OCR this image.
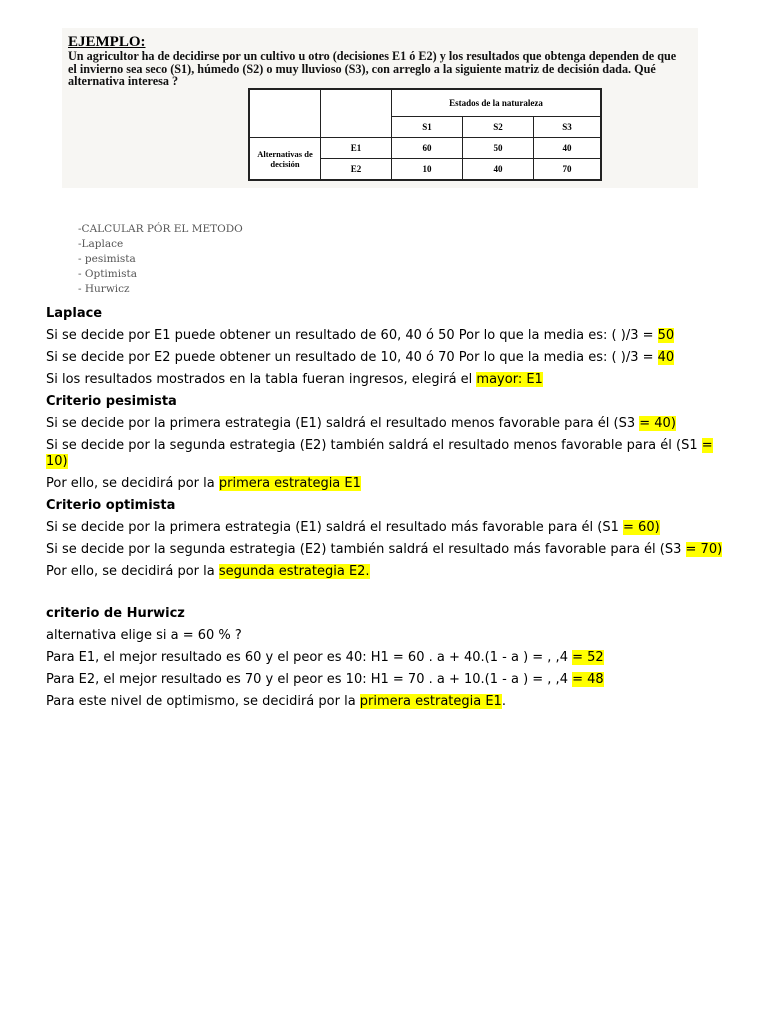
EJEMPLO:
Un agricultor ha de decidirse por un cultivo u otro (decisiones E1 ó E2) y los resultados que obtenga dependen de que el invierno sea seco (S1), húmedo (S2) o muy lluvioso (S3), con arreglo a la siguiente matriz de decisión dada. Qué alternativa interesa ?
		Estados de la naturaleza		
		S1	S2	S3
Alternativas de decisión	E1	60	50	40
	E2	10	40	70
-CALCULAR PÓR EL METODO
-Laplace
- pesimista
- Optimista
- Hurwicz

Laplace

Si se decide por E1 puede obtener un resultado de 60, 40 ó 50 Por lo que la media es: ( )/3 = 50

Si se decide por E2 puede obtener un resultado de 10, 40 ó 70 Por lo que la media es: ( )/3 = 40

Si los resultados mostrados en la tabla fueran ingresos, elegirá el mayor: E1

Criterio pesimista

Si se decide por la primera estrategia (E1) saldrá el resultado menos favorable para él (S3 = 40)

Si se decide por la segunda estrategia (E2) también saldrá el resultado menos favorable para él (S1 = 10)

Por ello, se decidirá por la primera estrategia E1

Criterio optimista

Si se decide por la primera estrategia (E1) saldrá el resultado más favorable para él (S1 = 60)

Si se decide por la segunda estrategia (E2) también saldrá el resultado más favorable para él (S3 = 70)

Por ello, se decidirá por la segunda estrategia E2.

criterio de Hurwicz

alternativa elige si a = 60 % ?

Para E1, el mejor resultado es 60 y el peor es 40: H1 = 60 . a + 40.(1 - a ) = , ,4 = 52

Para E2, el mejor resultado es 70 y el peor es 10: H1 = 70 . a + 10.(1 - a ) = , ,4 = 48

Para este nivel de optimismo, se decidirá por la primera estrategia E1.
